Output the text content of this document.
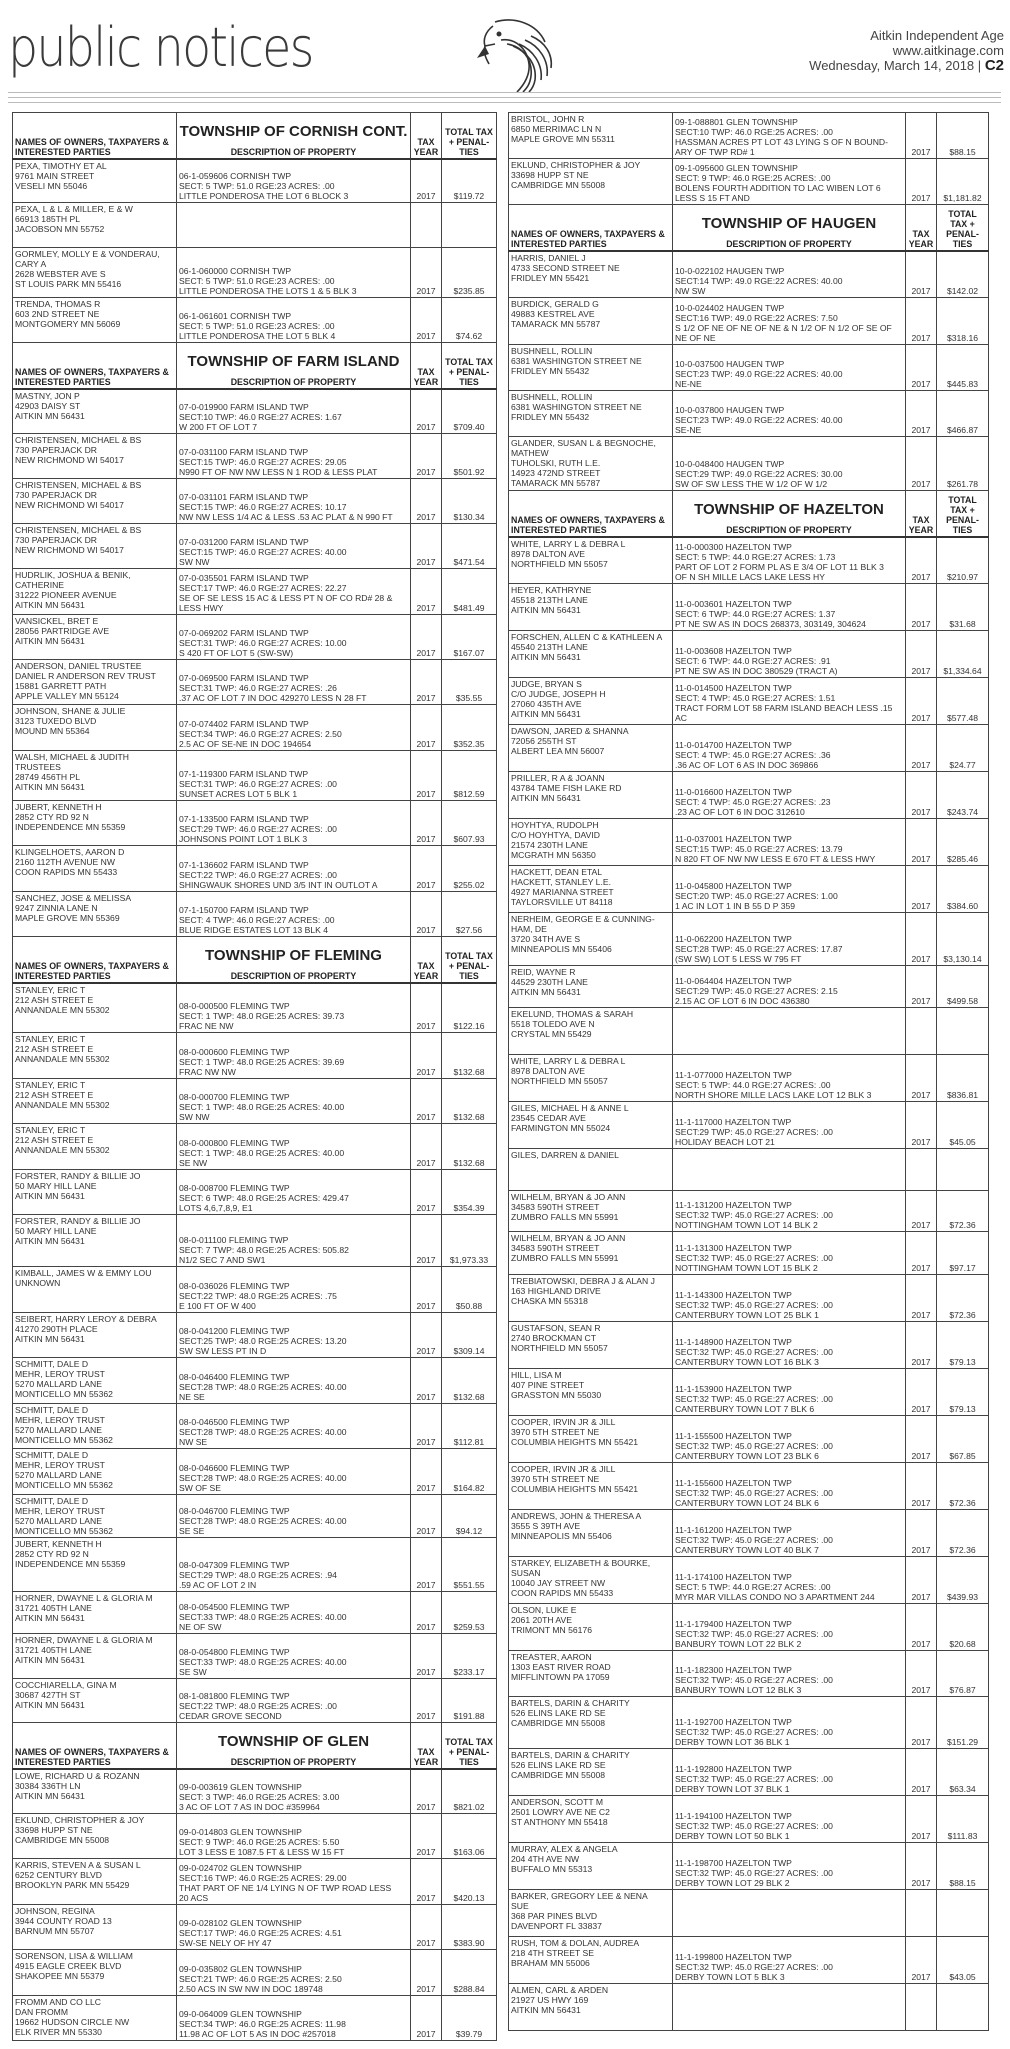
public notices	Aitkin Independent Age
www.aitkinage.com
Wednesday, March 14, 2018 | C2
NAMES OF OWNERS, TAXPAYERS & INTERESTED PARTIES	TOWNSHIP OF CORNISH CONT.
DESCRIPTION OF PROPERTY	TAX YEAR	TOTAL TAX + PENAL- TIES

PEXA, TIMOTHY ET AL
9761 MAIN STREET
VESELI MN 55046	06-1-059606 CORNISH TWP
SECT: 5 TWP: 51.0 RGE:23 ACRES: .00
LITTLE PONDEROSA THE LOT 6 BLOCK 3	2017	$119.72

PEXA, L & L & MILLER, E & W
66913 185TH PL
JACOBSON MN 55752			

GORMLEY, MOLLY E & VONDERAU,
CARY A
2628 WEBSTER AVE S
ST LOUIS PARK MN 55416	06-1-060000 CORNISH TWP
SECT: 5 TWP: 51.0 RGE:23 ACRES: .00
LITTLE PONDEROSA THE LOTS 1 & 5 BLK 3	2017	$235.85

TRENDA, THOMAS R
603 2ND STREET NE
MONTGOMERY MN 56069	06-1-061601 CORNISH TWP
SECT: 5 TWP: 51.0 RGE:23 ACRES: .00
LITTLE PONDEROSA THE LOT 5 BLK 4	2017	$74.62
NAMES OF OWNERS, TAXPAYERS & INTERESTED PARTIES	TOWNSHIP OF FARM ISLAND
DESCRIPTION OF PROPERTY	TAX YEAR	TOTAL TAX + PENAL- TIES

MASTNY, JON P
42903 DAISY ST
AITKIN MN 56431	07-0-019900 FARM ISLAND TWP
SECT:10 TWP: 46.0 RGE:27 ACRES: 1.67
W 200 FT OF LOT 7	2017	$709.40

CHRISTENSEN, MICHAEL & BS
730 PAPERJACK DR
NEW RICHMOND WI 54017	07-0-031100 FARM ISLAND TWP
SECT:15 TWP: 46.0 RGE:27 ACRES: 29.05
N990 FT OF NW NW LESS N 1 ROD & LESS PLAT	2017	$501.92

CHRISTENSEN, MICHAEL & BS
730 PAPERJACK DR
NEW RICHMOND WI 54017	07-0-031101 FARM ISLAND TWP
SECT:15 TWP: 46.0 RGE:27 ACRES: 10.17
NW NW LESS 1/4 AC & LESS .53 AC PLAT & N 990 FT	2017	$130.34

CHRISTENSEN, MICHAEL & BS
730 PAPERJACK DR
NEW RICHMOND WI 54017	07-0-031200 FARM ISLAND TWP
SECT:15 TWP: 46.0 RGE:27 ACRES: 40.00
SW NW	2017	$471.54

HUDRLIK, JOSHUA & BENIK,
CATHERINE
31222 PIONEER AVENUE
AITKIN MN 56431	07-0-035501 FARM ISLAND TWP
SECT:17 TWP: 46.0 RGE:27 ACRES: 22.27
SE OF SE LESS 15 AC & LESS PT N OF CO RD# 28 &
LESS HWY	2017	$481.49

VANSICKEL, BRET E
28056 PARTRIDGE AVE
AITKIN MN 56431	07-0-069202 FARM ISLAND TWP
SECT:31 TWP: 46.0 RGE:27 ACRES: 10.00
S 420 FT OF LOT 5 (SW-SW)	2017	$167.07

ANDERSON, DANIEL TRUSTEE
DANIEL R ANDERSON REV TRUST
15881 GARRETT PATH
APPLE VALLEY MN 55124	07-0-069500 FARM ISLAND TWP
SECT:31 TWP: 46.0 RGE:27 ACRES: .26
.37 AC OF LOT 7 IN DOC 429270 LESS N 28 FT	2017	$35.55

JOHNSON, SHANE & JULIE
3123 TUXEDO BLVD
MOUND MN 55364	07-0-074402 FARM ISLAND TWP
SECT:34 TWP: 46.0 RGE:27 ACRES: 2.50
2.5 AC OF SE-NE IN DOC 194654	2017	$352.35

WALSH, MICHAEL & JUDITH
TRUSTEES
28749 456TH PL
AITKIN MN 56431	07-1-119300 FARM ISLAND TWP
SECT:31 TWP: 46.0 RGE:27 ACRES: .00
SUNSET ACRES LOT 5 BLK 1	2017	$812.59

JUBERT, KENNETH H
2852 CTY RD 92 N
INDEPENDENCE MN 55359	07-1-133500 FARM ISLAND TWP
SECT:29 TWP: 46.0 RGE:27 ACRES: .00
JOHNSONS POINT LOT 1 BLK 3	2017	$607.93

KLINGELHOETS, AARON D
2160 112TH AVENUE NW
COON RAPIDS MN 55433	07-1-136602 FARM ISLAND TWP
SECT:22 TWP: 46.0 RGE:27 ACRES: .00
SHINGWAUK SHORES UND 3/5 INT IN OUTLOT A	2017	$255.02

SANCHEZ, JOSE & MELISSA
9247 ZINNIA LANE N
MAPLE GROVE MN 55369	07-1-150700 FARM ISLAND TWP
SECT: 4 TWP: 46.0 RGE:27 ACRES: .00
BLUE RIDGE ESTATES LOT 13 BLK 4	2017	$27.56
NAMES OF OWNERS, TAXPAYERS & INTERESTED PARTIES	TOWNSHIP OF FLEMING
DESCRIPTION OF PROPERTY	TAX YEAR	TOTAL TAX + PENAL- TIES

STANLEY, ERIC T
212 ASH STREET E
ANNANDALE MN 55302	08-0-000500 FLEMING TWP
SECT: 1 TWP: 48.0 RGE:25 ACRES: 39.73
FRAC NE NW	2017	$122.16

STANLEY, ERIC T
212 ASH STREET E
ANNANDALE MN 55302	08-0-000600 FLEMING TWP
SECT: 1 TWP: 48.0 RGE:25 ACRES: 39.69
FRAC NW NW	2017	$132.68

STANLEY, ERIC T
212 ASH STREET E
ANNANDALE MN 55302	08-0-000700 FLEMING TWP
SECT: 1 TWP: 48.0 RGE:25 ACRES: 40.00
SW NW	2017	$132.68

STANLEY, ERIC T
212 ASH STREET E
ANNANDALE MN 55302	08-0-000800 FLEMING TWP
SECT: 1 TWP: 48.0 RGE:25 ACRES: 40.00
SE NW	2017	$132.68

FORSTER, RANDY & BILLIE JO
50 MARY HILL LANE
AITKIN MN 56431	08-0-008700 FLEMING TWP
SECT: 6 TWP: 48.0 RGE:25 ACRES: 429.47
LOTS 4,6,7,8,9, E1	2017	$354.39

FORSTER, RANDY & BILLIE JO
50 MARY HILL LANE
AITKIN MN 56431	08-0-011100 FLEMING TWP
SECT: 7 TWP: 48.0 RGE:25 ACRES: 505.82
N1/2 SEC 7 AND SW1	2017	$1,973.33

KIMBALL, JAMES W & EMMY LOU
UNKNOWN	08-0-036026 FLEMING TWP
SECT:22 TWP: 48.0 RGE:25 ACRES: .75
E 100 FT OF W 400	2017	$50.88

SEIBERT, HARRY LEROY & DEBRA
41270 290TH PLACE
AITKIN MN 56431	08-0-041200 FLEMING TWP
SECT:25 TWP: 48.0 RGE:25 ACRES: 13.20
SW SW LESS PT IN D	2017	$309.14

SCHMITT, DALE D
MEHR, LEROY TRUST
5270 MALLARD LANE
MONTICELLO MN 55362	08-0-046400 FLEMING TWP
SECT:28 TWP: 48.0 RGE:25 ACRES: 40.00
NE SE	2017	$132.68

SCHMITT, DALE D
MEHR, LEROY TRUST
5270 MALLARD LANE
MONTICELLO MN 55362	08-0-046500 FLEMING TWP
SECT:28 TWP: 48.0 RGE:25 ACRES: 40.00
NW SE	2017	$112.81

SCHMITT, DALE D
MEHR, LEROY TRUST
5270 MALLARD LANE
MONTICELLO MN 55362	08-0-046600 FLEMING TWP
SECT:28 TWP: 48.0 RGE:25 ACRES: 40.00
SW OF SE	2017	$164.82

SCHMITT, DALE D
MEHR, LEROY TRUST
5270 MALLARD LANE
MONTICELLO MN 55362	08-0-046700 FLEMING TWP
SECT:28 TWP: 48.0 RGE:25 ACRES: 40.00
SE SE	2017	$94.12

JUBERT, KENNETH H
2852 CTY RD 92 N
INDEPENDENCE MN 55359	08-0-047309 FLEMING TWP
SECT:29 TWP: 48.0 RGE:25 ACRES: .94
.59 AC OF LOT 2 IN	2017	$551.55

HORNER, DWAYNE L & GLORIA M
31721 405TH LANE
AITKIN MN 56431	08-0-054500 FLEMING TWP
SECT:33 TWP: 48.0 RGE:25 ACRES: 40.00
NE OF SW	2017	$259.53

HORNER, DWAYNE L & GLORIA M
31721 405TH LANE
AITKIN MN 56431	08-0-054800 FLEMING TWP
SECT:33 TWP: 48.0 RGE:25 ACRES: 40.00
SE SW	2017	$233.17

COCCHIARELLA, GINA M
30687 427TH ST
AITKIN MN 56431	08-1-081800 FLEMING TWP
SECT:22 TWP: 48.0 RGE:25 ACRES: .00
CEDAR GROVE SECOND	2017	$191.88
NAMES OF OWNERS, TAXPAYERS & INTERESTED PARTIES	TOWNSHIP OF GLEN
DESCRIPTION OF PROPERTY	TAX YEAR	TOTAL TAX + PENAL- TIES

LOWE, RICHARD U & ROZANN
30384 336TH LN
AITKIN MN 56431	09-0-003619 GLEN TOWNSHIP
SECT: 3 TWP: 46.0 RGE:25 ACRES: 3.00
3 AC OF LOT 7 AS IN DOC #359964	2017	$821.02

EKLUND, CHRISTOPHER & JOY
33698 HUPP ST NE
CAMBRIDGE MN 55008	09-0-014803 GLEN TOWNSHIP
SECT: 9 TWP: 46.0 RGE:25 ACRES: 5.50
LOT 3 LESS E 1087.5 FT & LESS W 15 FT	2017	$163.06

KARRIS, STEVEN A & SUSAN L
6252 CENTURY BLVD
BROOKLYN PARK MN 55429	09-0-024702 GLEN TOWNSHIP
SECT:16 TWP: 46.0 RGE:25 ACRES: 29.00
THAT PART OF NE 1/4 LYING N OF TWP ROAD LESS
20 ACS	2017	$420.13

JOHNSON, REGINA
3944 COUNTY ROAD 13
BARNUM MN 55707	09-0-028102 GLEN TOWNSHIP
SECT:17 TWP: 46.0 RGE:25 ACRES: 4.51
SW-SE NELY OF HY 47	2017	$383.90

SORENSON, LISA & WILLIAM
4915 EAGLE CREEK BLVD
SHAKOPEE MN 55379	09-0-035802 GLEN TOWNSHIP
SECT:21 TWP: 46.0 RGE:25 ACRES: 2.50
2.50 ACS IN SW NW IN DOC 189748	2017	$288.84

FROMM AND CO LLC
DAN FROMM
19662 HUDSON CIRCLE NW
ELK RIVER MN 55330	09-0-064009 GLEN TOWNSHIP
SECT:34 TWP: 46.0 RGE:25 ACRES: 11.98
11.98 AC OF LOT 5 AS IN DOC #257018	2017	$39.79
BRISTOL, JOHN R
6850 MERRIMAC LN N
MAPLE GROVE MN 55311	09-1-088801 GLEN TOWNSHIP
SECT:10 TWP: 46.0 RGE:25 ACRES: .00
HASSMAN ACRES PT LOT 43 LYING S OF N BOUND-
ARY OF TWP RD# 1	2017	$88.15

EKLUND, CHRISTOPHER & JOY
33698 HUPP ST NE
CAMBRIDGE MN 55008	09-1-095600 GLEN TOWNSHIP
SECT: 9 TWP: 46.0 RGE:25 ACRES: .00
BOLENS FOURTH ADDITION TO LAC WIBEN LOT 6
LESS S 15 FT AND	2017	$1,181.82
NAMES OF OWNERS, TAXPAYERS & INTERESTED PARTIES	TOWNSHIP OF HAUGEN
DESCRIPTION OF PROPERTY	TAX YEAR	TOTAL TAX + PENAL- TIES

HARRIS, DANIEL J
4733 SECOND STREET NE
FRIDLEY MN 55421	10-0-022102 HAUGEN TWP
SECT:14 TWP: 49.0 RGE:22 ACRES: 40.00
NW SW	2017	$142.02

BURDICK, GERALD G
49883 KESTREL AVE
TAMARACK MN 55787	10-0-024402 HAUGEN TWP
SECT:16 TWP: 49.0 RGE:22 ACRES: 7.50
S 1/2 OF NE OF NE OF NE & N 1/2 OF N 1/2 OF SE OF
NE OF NE	2017	$318.16

BUSHNELL, ROLLIN
6381 WASHINGTON STREET NE
FRIDLEY MN 55432	10-0-037500 HAUGEN TWP
SECT:23 TWP: 49.0 RGE:22 ACRES: 40.00
NE-NE	2017	$445.83

BUSHNELL, ROLLIN
6381 WASHINGTON STREET NE
FRIDLEY MN 55432	10-0-037800 HAUGEN TWP
SECT:23 TWP: 49.0 RGE:22 ACRES: 40.00
SE-NE	2017	$466.87

GLANDER, SUSAN L & BEGNOCHE,
MATHEW
TUHOLSKI, RUTH L.E.
14923 472ND STREET
TAMARACK MN 55787	10-0-048400 HAUGEN TWP
SECT:29 TWP: 49.0 RGE:22 ACRES: 30.00
SW OF SW LESS THE W 1/2 OF W 1/2	2017	$261.78
NAMES OF OWNERS, TAXPAYERS & INTERESTED PARTIES	TOWNSHIP OF HAZELTON
DESCRIPTION OF PROPERTY	TAX YEAR	TOTAL TAX + PENAL- TIES

WHITE, LARRY L & DEBRA L
8978 DALTON AVE
NORTHFIELD MN 55057	11-0-000300 HAZELTON TWP
SECT: 5 TWP: 44.0 RGE:27 ACRES: 1.73
PART OF LOT 2 FORM PL AS E 3/4 OF LOT 11 BLK 3
OF N SH MILLE LACS LAKE LESS HY	2017	$210.97

HEYER, KATHRYNE
45518 213TH LANE
AITKIN MN 56431	11-0-003601 HAZELTON TWP
SECT: 6 TWP: 44.0 RGE:27 ACRES: 1.37
PT NE SW AS IN DOCS 268373, 303149, 304624	2017	$31.68

FORSCHEN, ALLEN C & KATHLEEN A
45540 213TH LANE
AITKIN MN 56431	11-0-003608 HAZELTON TWP
SECT: 6 TWP: 44.0 RGE:27 ACRES: .91
PT NE SW AS IN DOC 380529 (TRACT A)	2017	$1,334.64

JUDGE, BRYAN S
C/O JUDGE, JOSEPH H
27060 435TH AVE
AITKIN MN 56431	11-0-014500 HAZELTON TWP
SECT: 4 TWP: 45.0 RGE:27 ACRES: 1.51
TRACT FORM LOT 58 FARM ISLAND BEACH LESS .15
AC	2017	$577.48

DAWSON, JARED & SHANNA
72056 255TH ST
ALBERT LEA MN 56007	11-0-014700 HAZELTON TWP
SECT: 4 TWP: 45.0 RGE:27 ACRES: .36
.36 AC OF LOT 6 AS IN DOC 369866	2017	$24.77

PRILLER, R A & JOANN
43784 TAME FISH LAKE RD
AITKIN MN 56431	11-0-016600 HAZELTON TWP
SECT: 4 TWP: 45.0 RGE:27 ACRES: .23
.23 AC OF LOT 6 IN DOC 312610	2017	$243.74

HOYHTYA, RUDOLPH
C/O HOYHTYA, DAVID
21574 230TH LANE
MCGRATH MN 56350	11-0-037001 HAZELTON TWP
SECT:15 TWP: 45.0 RGE:27 ACRES: 13.79
N 820 FT OF NW NW LESS E 670 FT & LESS HWY	2017	$285.46

HACKETT, DEAN ETAL
HACKETT, STANLEY L.E.
4927 MARIANNA STREET
TAYLORSVILLE UT 84118	11-0-045800 HAZELTON TWP
SECT:20 TWP: 45.0 RGE:27 ACRES: 1.00
1 AC IN LOT 1 IN B 55 D P 359	2017	$384.60

NERHEIM, GEORGE E & CUNNING-
HAM, DE
3720 34TH AVE S
MINNEAPOLIS MN 55406	11-0-062200 HAZELTON TWP
SECT:28 TWP: 45.0 RGE:27 ACRES: 17.87
(SW SW) LOT 5 LESS W 795 FT	2017	$3,130.14

REID, WAYNE R
44529 230TH LANE
AITKIN MN 56431	11-0-064404 HAZELTON TWP
SECT:29 TWP: 45.0 RGE:27 ACRES: 2.15
2.15 AC OF LOT 6 IN DOC 436380	2017	$499.58

EKELUND, THOMAS & SARAH
5518 TOLEDO AVE N
CRYSTAL MN 55429			

WHITE, LARRY L & DEBRA L
8978 DALTON AVE
NORTHFIELD MN 55057	11-1-077000 HAZELTON TWP
SECT: 5 TWP: 44.0 RGE:27 ACRES: .00
NORTH SHORE MILLE LACS LAKE LOT 12 BLK 3	2017	$836.81

GILES, MICHAEL H & ANNE L
23545 CEDAR AVE
FARMINGTON MN 55024	11-1-117000 HAZELTON TWP
SECT:29 TWP: 45.0 RGE:27 ACRES: .00
HOLIDAY BEACH LOT 21	2017	$45.05

GILES, DARREN & DANIEL			

WILHELM, BRYAN & JO ANN
34583 590TH STREET
ZUMBRO FALLS MN 55991	11-1-131200 HAZELTON TWP
SECT:32 TWP: 45.0 RGE:27 ACRES: .00
NOTTINGHAM TOWN LOT 14 BLK 2	2017	$72.36

WILHELM, BRYAN & JO ANN
34583 590TH STREET
ZUMBRO FALLS MN 55991	11-1-131300 HAZELTON TWP
SECT:32 TWP: 45.0 RGE:27 ACRES: .00
NOTTINGHAM TOWN LOT 15 BLK 2	2017	$97.17

TREBIATOWSKI, DEBRA J & ALAN J
163 HIGHLAND DRIVE
CHASKA MN 55318	11-1-143300 HAZELTON TWP
SECT:32 TWP: 45.0 RGE:27 ACRES: .00
CANTERBURY TOWN LOT 25 BLK 1	2017	$72.36

GUSTAFSON, SEAN R
2740 BROCKMAN CT
NORTHFIELD MN 55057	11-1-148900 HAZELTON TWP
SECT:32 TWP: 45.0 RGE:27 ACRES: .00
CANTERBURY TOWN LOT 16 BLK 3	2017	$79.13

HILL, LISA M
407 PINE STREET
GRASSTON MN 55030	11-1-153900 HAZELTON TWP
SECT:32 TWP: 45.0 RGE:27 ACRES: .00
CANTERBURY TOWN LOT 7 BLK 6	2017	$79.13

COOPER, IRVIN JR & JILL
3970 5TH STREET NE
COLUMBIA HEIGHTS MN 55421	11-1-155500 HAZELTON TWP
SECT:32 TWP: 45.0 RGE:27 ACRES: .00
CANTERBURY TOWN LOT 23 BLK 6	2017	$67.85

COOPER, IRVIN JR & JILL
3970 5TH STREET NE
COLUMBIA HEIGHTS MN 55421	11-1-155600 HAZELTON TWP
SECT:32 TWP: 45.0 RGE:27 ACRES: .00
CANTERBURY TOWN LOT 24 BLK 6	2017	$72.36

ANDREWS, JOHN & THERESA A
3555 S 39TH AVE
MINNEAPOLIS MN 55406	11-1-161200 HAZELTON TWP
SECT:32 TWP: 45.0 RGE:27 ACRES: .00
CANTERBURY TOWN LOT 40 BLK 7	2017	$72.36

STARKEY, ELIZABETH & BOURKE,
SUSAN
10040 JAY STREET NW
COON RAPIDS MN 55433	11-1-174100 HAZELTON TWP
SECT: 5 TWP: 44.0 RGE:27 ACRES: .00
MYR MAR VILLAS CONDO NO 3 APARTMENT 244	2017	$439.93

OLSON, LUKE E
2061 20TH AVE
TRIMONT MN 56176	11-1-179400 HAZELTON TWP
SECT:32 TWP: 45.0 RGE:27 ACRES: .00
BANBURY TOWN LOT 22 BLK 2	2017	$20.68

TREASTER, AARON
1303 EAST RIVER ROAD
MIFFLINTOWN PA 17059	11-1-182300 HAZELTON TWP
SECT:32 TWP: 45.0 RGE:27 ACRES: .00
BANBURY TOWN LOT 12 BLK 3	2017	$76.87

BARTELS, DARIN & CHARITY
526 ELINS LAKE RD SE
CAMBRIDGE MN 55008	11-1-192700 HAZELTON TWP
SECT:32 TWP: 45.0 RGE:27 ACRES: .00
DERBY TOWN LOT 36 BLK 1	2017	$151.29

BARTELS, DARIN & CHARITY
526 ELINS LAKE RD SE
CAMBRIDGE MN 55008	11-1-192800 HAZELTON TWP
SECT:32 TWP: 45.0 RGE:27 ACRES: .00
DERBY TOWN LOT 37 BLK 1	2017	$63.34

ANDERSON, SCOTT M
2501 LOWRY AVE NE C2
ST ANTHONY MN 55418	11-1-194100 HAZELTON TWP
SECT:32 TWP: 45.0 RGE:27 ACRES: .00
DERBY TOWN LOT 50 BLK 1	2017	$111.83

MURRAY, ALEX & ANGELA
204 4TH AVE NW
BUFFALO MN 55313	11-1-198700 HAZELTON TWP
SECT:32 TWP: 45.0 RGE:27 ACRES: .00
DERBY TOWN LOT 29 BLK 2	2017	$88.15

BARKER, GREGORY LEE & NENA
SUE
368 PAR PINES BLVD
DAVENPORT FL 33837			

RUSH, TOM & DOLAN, AUDREA
218 4TH STREET SE
BRAHAM MN 55006	11-1-199800 HAZELTON TWP
SECT:32 TWP: 45.0 RGE:27 ACRES: .00
DERBY TOWN LOT 5 BLK 3	2017	$43.05

ALMEN, CARL & ARDEN
21927 US HWY 169
AITKIN MN 56431			
